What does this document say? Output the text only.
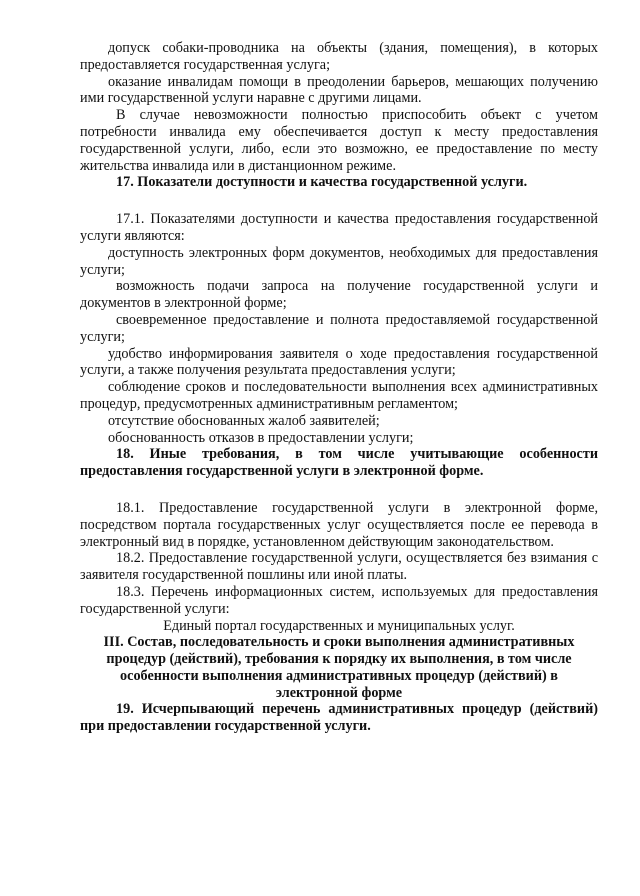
допуск собаки-проводника на объекты (здания, помещения), в которых предоставляется государственная услуга;

оказание инвалидам помощи в преодолении барьеров, мешающих получению ими государственной услуги наравне с другими лицами.

В случае невозможности полностью приспособить объект с учетом потребности инвалида ему обеспечивается доступ к месту предоставления государственной услуги, либо, если это возможно, ее предоставление по месту жительства инвалида или в дистанционном режиме.

17. Показатели доступности и качества государственной услуги.

17.1. Показателями доступности и качества предоставления государственной услуги являются:

доступность электронных форм документов, необходимых для предоставления услуги;

возможность подачи запроса на получение государственной услуги и документов в электронной форме;

своевременное предоставление и полнота предоставляемой государственной услуги;

удобство информирования заявителя о ходе предоставления государственной услуги, а также получения результата предоставления услуги;

соблюдение сроков и последовательности выполнения всех административных процедур, предусмотренных административным регламентом;

отсутствие обоснованных жалоб заявителей;

обоснованность отказов в предоставлении услуги;

18. Иные требования, в том числе учитывающие особенности предоставления государственной услуги в электронной форме.

18.1. Предоставление государственной услуги в электронной форме, посредством портала государственных услуг осуществляется после ее перевода в электронный вид в порядке, установленном действующим законодательством.

18.2. Предоставление государственной услуги, осуществляется без взимания с заявителя государственной пошлины или иной платы.

18.3. Перечень информационных систем, используемых для предоставления государственной услуги:

Единый портал государственных и муниципальных услуг.

III. Состав, последовательность и сроки выполнения административных процедур (действий), требования к порядку их выполнения, в том числе особенности выполнения административных процедур (действий) в электронной форме

19. Исчерпывающий перечень административных процедур (действий) при предоставлении государственной услуги.
